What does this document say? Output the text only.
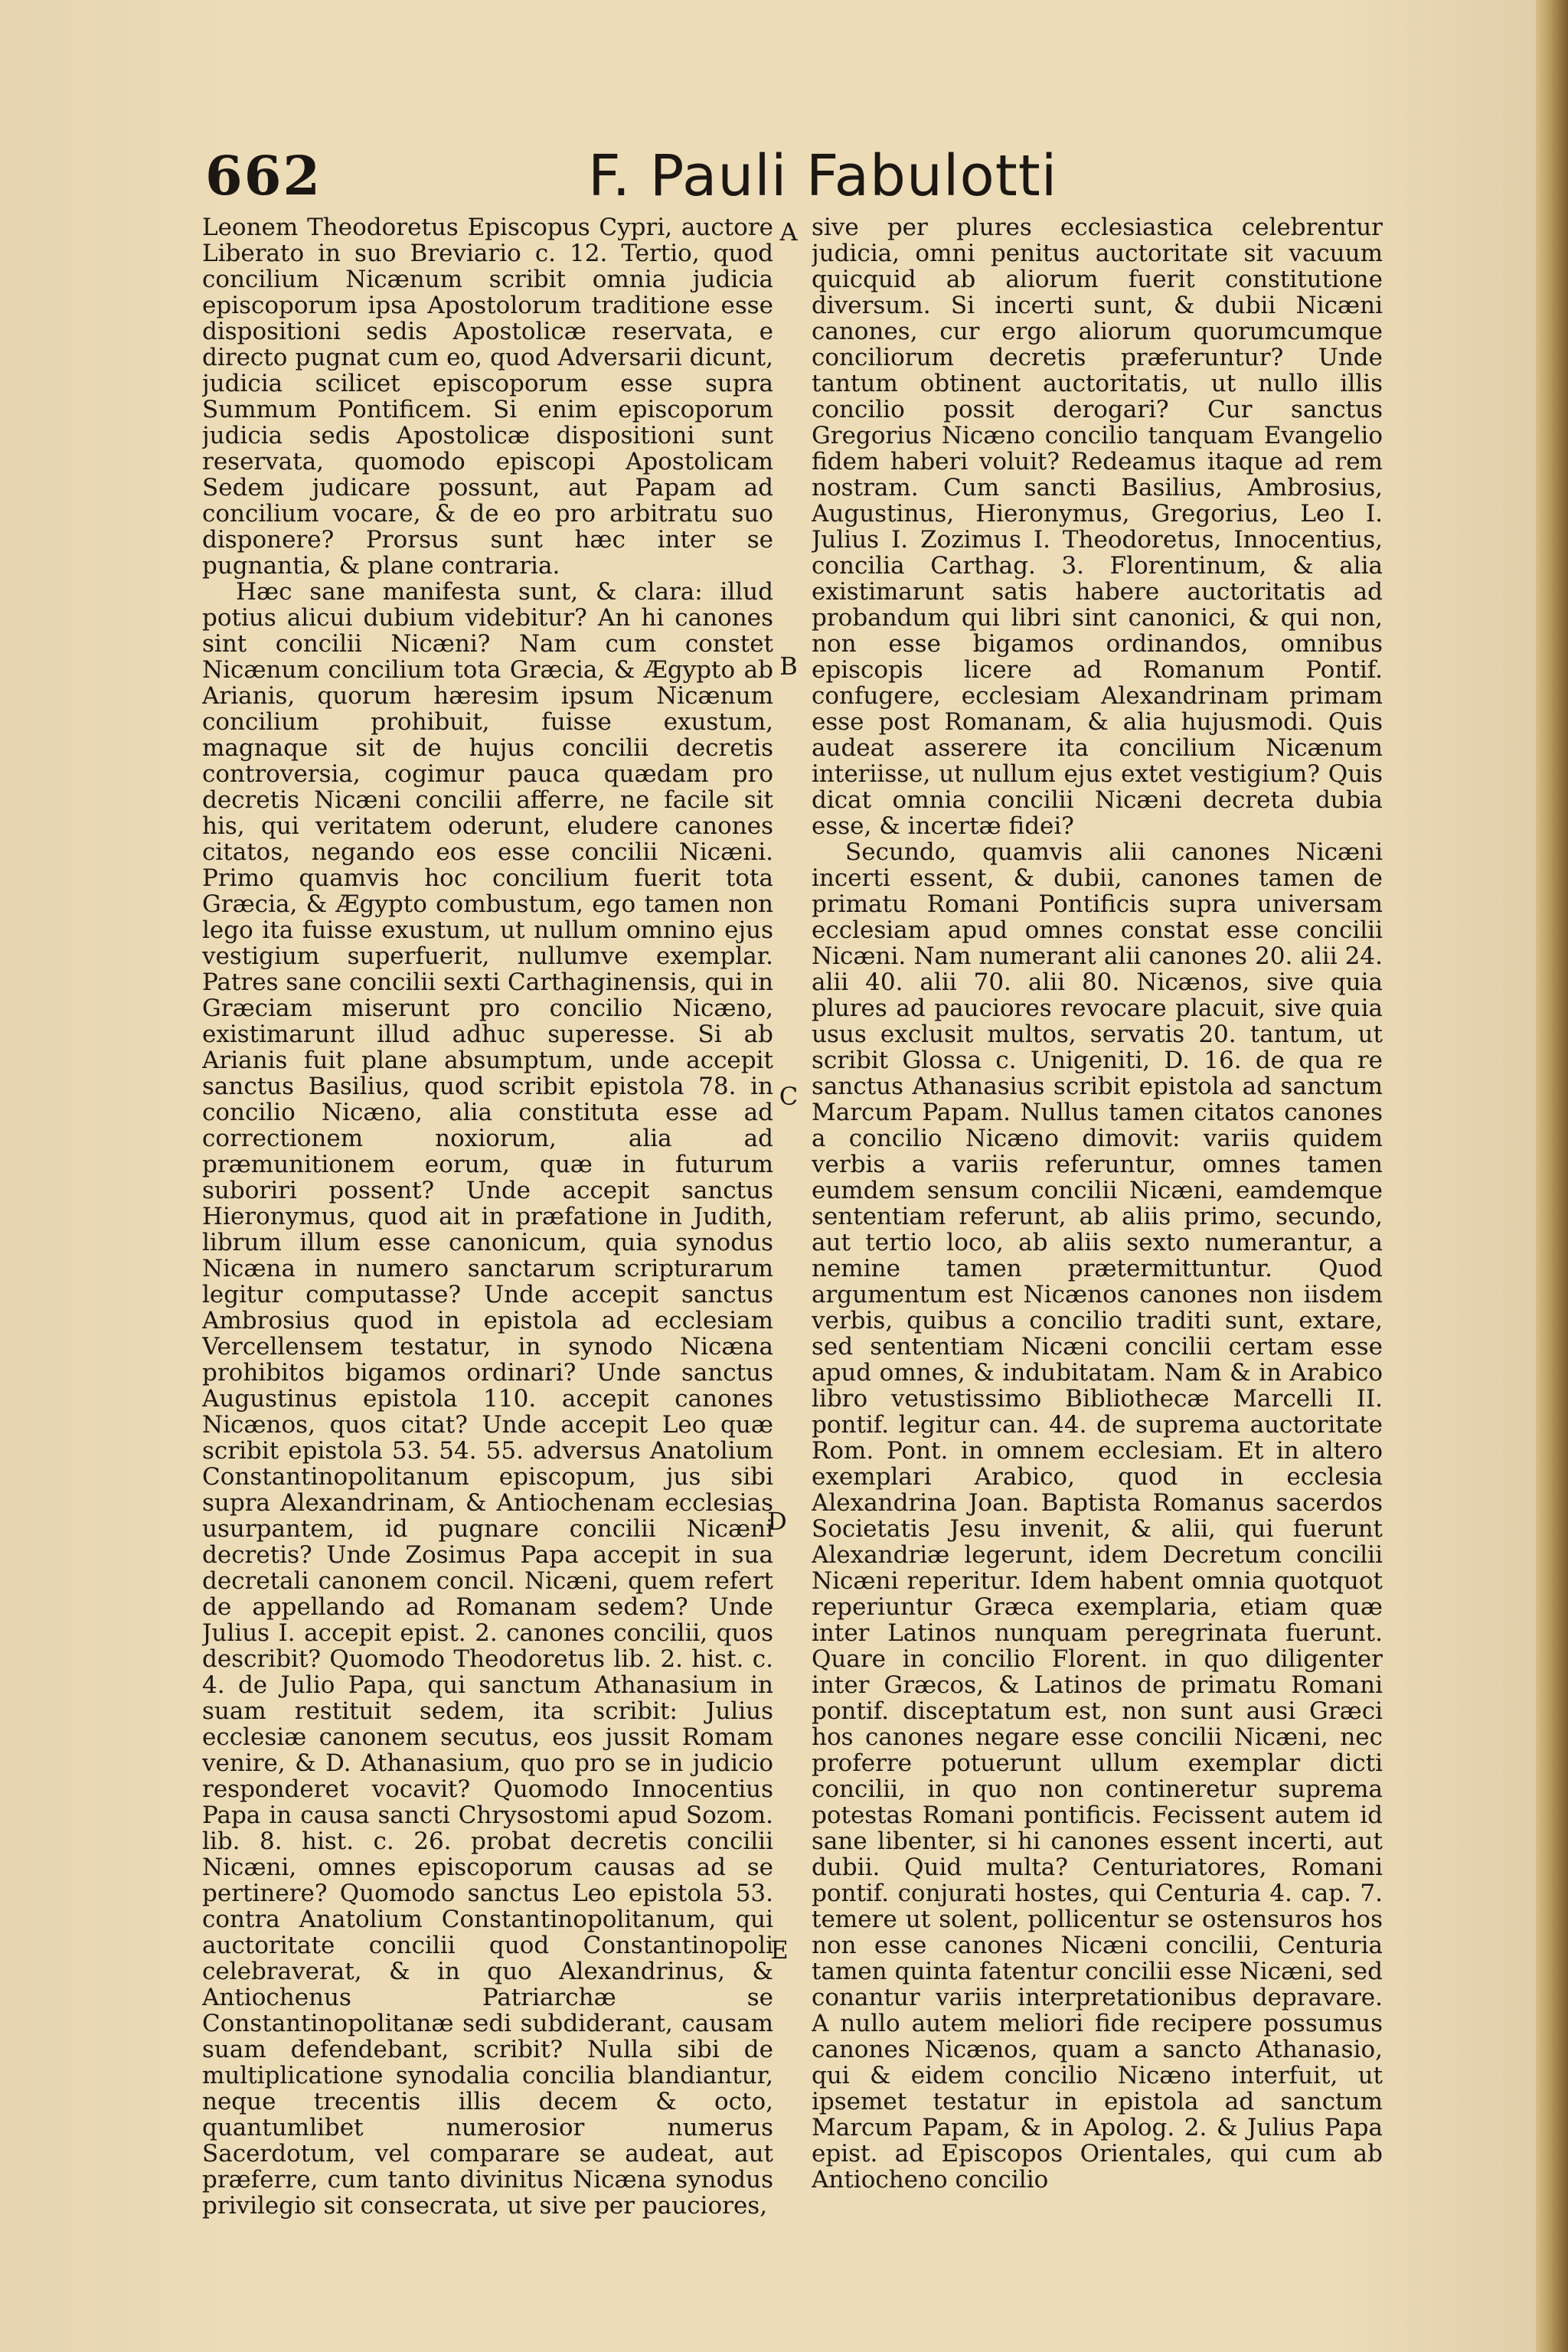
662	F. Pauli Fabulotti

Leonem Theodoretus Episcopus Cypri, auctore Liberato in suo Breviario c. 12. Tertio, quod concilium Nicænum scribit omnia judicia episcoporum ipsa Apostolorum traditione esse dispositioni sedis Apostolicæ reservata, e directo pugnat cum eo, quod Adversarii dicunt, judicia scilicet episcoporum esse supra Summum Pontificem. Si enim episcoporum judicia sedis Apostolicæ dispositioni sunt reservata, quomodo episcopi Apostolicam Sedem judicare possunt, aut Papam ad concilium vocare, & de eo pro arbitratu suo disponere? Prorsus sunt hæc inter se pugnantia, & plane contraria.

Hæc sane manifesta sunt, & clara: illud potius alicui dubium videbitur? An hi canones sint concilii Nicæni? Nam cum constet Nicænum concilium tota Græcia, & Ægypto ab Arianis, quorum hæresim ipsum Nicænum concilium prohibuit, fuisse exustum, magnaque sit de hujus concilii decretis controversia, cogimur pauca quædam pro decretis Nicæni concilii afferre, ne facile sit his, qui veritatem oderunt, eludere canones citatos, negando eos esse concilii Nicæni. Primo quamvis hoc concilium fuerit tota Græcia, & Ægypto combustum, ego tamen non lego ita fuisse exustum, ut nullum omnino ejus vestigium superfuerit, nullumve exemplar. Patres sane concilii sexti Carthaginensis, qui in Græciam miserunt pro concilio Nicæno, existimarunt illud adhuc superesse. Si ab Arianis fuit plane absumptum, unde accepit sanctus Basilius, quod scribit epistola 78. in concilio Nicæno, alia constituta esse ad correctionem noxiorum, alia ad præmunitionem eorum, quæ in futurum suboriri possent? Unde accepit sanctus Hieronymus, quod ait in præfatione in Judith, librum illum esse canonicum, quia synodus Nicæna in numero sanctarum scripturarum legitur computasse? Unde accepit sanctus Ambrosius quod in epistola ad ecclesiam Vercellensem testatur, in synodo Nicæna prohibitos bigamos ordinari? Unde sanctus Augustinus epistola 110. accepit canones Nicænos, quos citat? Unde accepit Leo quæ scribit epistola 53. 54. 55. adversus Anatolium Constantinopolitanum episcopum, jus sibi supra Alexandrinam, & Antiochenam ecclesias usurpantem, id pugnare concilii Nicæni decretis? Unde Zosimus Papa accepit in sua decretali canonem concil. Nicæni, quem refert de appellando ad Romanam sedem? Unde Julius I. accepit epist. 2. canones concilii, quos describit? Quomodo Theodoretus lib. 2. hist. c. 4. de Julio Papa, qui sanctum Athanasium in suam restituit sedem, ita scribit: Julius ecclesiæ canonem secutus, eos jussit Romam venire, & D. Athanasium, quo pro se in judicio responderet vocavit? Quomodo Innocentius Papa in causa sancti Chrysostomi apud Sozom. lib. 8. hist. c. 26. probat decretis concilii Nicæni, omnes episcoporum causas ad se pertinere? Quomodo sanctus Leo epistola 53. contra Anatolium Constantinopolitanum, qui auctoritate concilii quod Constantinopoli celebraverat, & in quo Alexandrinus, & Antiochenus Patriarchæ se Constantinopolitanæ sedi subdiderant, causam suam defendebant, scribit? Nulla sibi de multiplicatione synodalia concilia blandiantur, neque trecentis illis decem & octo, quantumlibet numerosior numerus Sacerdotum, vel comparare se audeat, aut præferre, cum tanto divinitus Nicæna synodus privilegio sit consecrata, ut sive per pauciores,

A
B
C
D
E

sive per plures ecclesiastica celebrentur judicia, omni penitus auctoritate sit vacuum quicquid ab aliorum fuerit constitutione diversum. Si incerti sunt, & dubii Nicæni canones, cur ergo aliorum quorumcumque conciliorum decretis præferuntur? Unde tantum obtinent auctoritatis, ut nullo illis concilio possit derogari? Cur sanctus Gregorius Nicæno concilio tanquam Evangelio fidem haberi voluit? Redeamus itaque ad rem nostram. Cum sancti Basilius, Ambrosius, Augustinus, Hieronymus, Gregorius, Leo I. Julius I. Zozimus I. Theodoretus, Innocentius, concilia Carthag. 3. Florentinum, & alia existimarunt satis habere auctoritatis ad probandum qui libri sint canonici, & qui non, non esse bigamos ordinandos, omnibus episcopis licere ad Romanum Pontif. confugere, ecclesiam Alexandrinam primam esse post Romanam, & alia hujusmodi. Quis audeat asserere ita concilium Nicænum interiisse, ut nullum ejus extet vestigium? Quis dicat omnia concilii Nicæni decreta dubia esse, & incertæ fidei?

Secundo, quamvis alii canones Nicæni incerti essent, & dubii, canones tamen de primatu Romani Pontificis supra universam ecclesiam apud omnes constat esse concilii Nicæni. Nam numerant alii canones 20. alii 24. alii 40. alii 70. alii 80. Nicænos, sive quia plures ad pauciores revocare placuit, sive quia usus exclusit multos, servatis 20. tantum, ut scribit Glossa c. Unigeniti, D. 16. de qua re sanctus Athanasius scribit epistola ad sanctum Marcum Papam. Nullus tamen citatos canones a concilio Nicæno dimovit: variis quidem verbis a variis referuntur, omnes tamen eumdem sensum concilii Nicæni, eamdemque sententiam referunt, ab aliis primo, secundo, aut tertio loco, ab aliis sexto numerantur, a nemine tamen prætermittuntur. Quod argumentum est Nicænos canones non iisdem verbis, quibus a concilio traditi sunt, extare, sed sententiam Nicæni concilii certam esse apud omnes, & indubitatam. Nam & in Arabico libro vetustissimo Bibliothecæ Marcelli II. pontif. legitur can. 44. de suprema auctoritate Rom. Pont. in omnem ecclesiam. Et in altero exemplari Arabico, quod in ecclesia Alexandrina Joan. Baptista Romanus sacerdos Societatis Jesu invenit, & alii, qui fuerunt Alexandriæ legerunt, idem Decretum concilii Nicæni reperitur. Idem habent omnia quotquot reperiuntur Græca exemplaria, etiam quæ inter Latinos nunquam peregrinata fuerunt. Quare in concilio Florent. in quo diligenter inter Græcos, & Latinos de primatu Romani pontif. disceptatum est, non sunt ausi Græci hos canones negare esse concilii Nicæni, nec proferre potuerunt ullum exemplar dicti concilii, in quo non contineretur suprema potestas Romani pontificis. Fecissent autem id sane libenter, si hi canones essent incerti, aut dubii. Quid multa? Centuriatores, Romani pontif. conjurati hostes, qui Centuria 4. cap. 7. temere ut solent, pollicentur se ostensuros hos non esse canones Nicæni concilii, Centuria tamen quinta fatentur concilii esse Nicæni, sed conantur variis interpretationibus depravare. A nullo autem meliori fide recipere possumus canones Nicænos, quam a sancto Athanasio, qui & eidem concilio Nicæno interfuit, ut ipsemet testatur in epistola ad sanctum Marcum Papam, & in Apolog. 2. & Julius Papa epist. ad Episcopos Orientales, qui cum ab Antiocheno concilio
